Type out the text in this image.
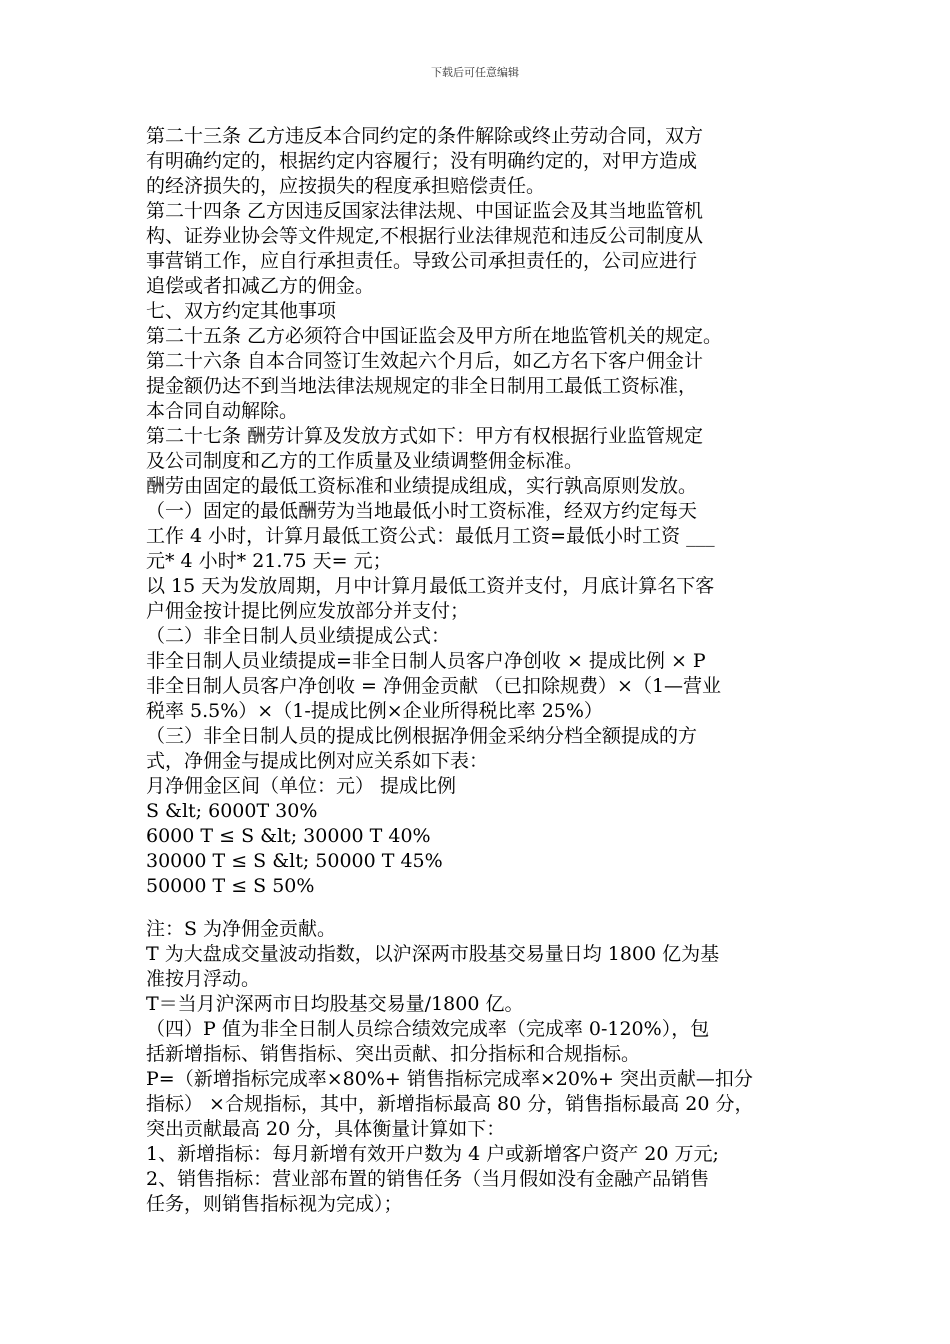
下载后可任意编辑
第二十三条 乙方违反本合同约定的条件解除或终止劳动合同，双方
有明确约定的，根据约定内容履行；没有明确约定的，对甲方造成
的经济损失的，应按损失的程度承担赔偿责任。
第二十四条 乙方因违反国家法律法规、中国证监会及其当地监管机
构、证券业协会等文件规定,不根据行业法律规范和违反公司制度从
事营销工作，应自行承担责任。导致公司承担责任的，公司应进行
追偿或者扣减乙方的佣金。
七、双方约定其他事项
第二十五条 乙方必须符合中国证监会及甲方所在地监管机关的规定。
第二十六条 自本合同签订生效起六个月后，如乙方名下客户佣金计
提金额仍达不到当地法律法规规定的非全日制用工最低工资标准，
本合同自动解除。
第二十七条 酬劳计算及发放方式如下：甲方有权根据行业监管规定
及公司制度和乙方的工作质量及业绩调整佣金标准。
酬劳由固定的最低工资标准和业绩提成组成，实行孰高原则发放。
（一）固定的最低酬劳为当地最低小时工资标准，经双方约定每天
工作 4 小时，计算月最低工资公式：最低月工资=最低小时工资 ___
元* 4 小时* 21.75 天= 元；
以 15 天为发放周期，月中计算月最低工资并支付，月底计算名下客
户佣金按计提比例应发放部分并支付；
（二）非全日制人员业绩提成公式：
非全日制人员业绩提成=非全日制人员客户净创收 × 提成比例 × P
非全日制人员客户净创收 = 净佣金贡献 （已扣除规费）×（1—营业
税率 5.5%）×（1-提成比例×企业所得税比率 25%）
（三）非全日制人员的提成比例根据净佣金采纳分档全额提成的方
式，净佣金与提成比例对应关系如下表：
月净佣金区间（单位：元） 提成比例
S &lt; 6000T 30%
6000 T ≤ S &lt; 30000 T 40%
30000 T ≤ S &lt; 50000 T 45%
50000 T ≤ S 50%
注：S 为净佣金贡献。
T 为大盘成交量波动指数，以沪深两市股基交易量日均 1800 亿为基
准按月浮动。
T＝当月沪深两市日均股基交易量/1800 亿。
（四）P 值为非全日制人员综合绩效完成率（完成率 0-120%），包
括新增指标、销售指标、突出贡献、扣分指标和合规指标。
P=（新增指标完成率×80%+ 销售指标完成率×20%+ 突出贡献—扣分
指标） ×合规指标，其中，新增指标最高 80 分，销售指标最高 20 分，
突出贡献最高 20 分，具体衡量计算如下：
1、新增指标：每月新增有效开户数为 4 户或新增客户资产 20 万元;
2、销售指标：营业部布置的销售任务（当月假如没有金融产品销售
任务，则销售指标视为完成）；
